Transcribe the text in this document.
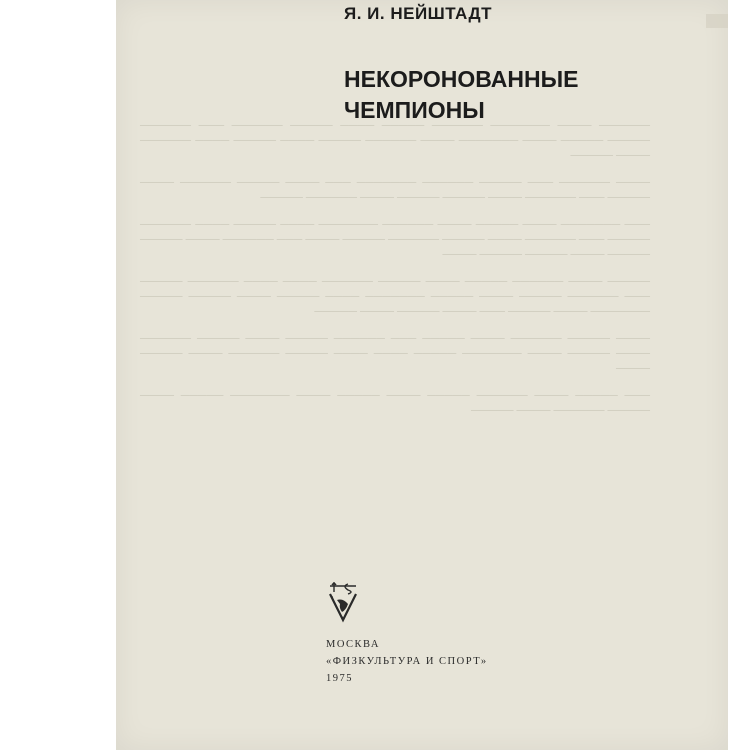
────── ──── ─────── ────── ───── ──── ───── ────── ─── ────── ───── ───── ──── ─────── ──── ────── ───── ──── ───── ──── ────── ──── ─────

──── ────── ─── ───── ────── ─────── ─── ──── ───── ────── ──── ───── ─── ────── ──── ───── ───── ──── ────── ─────

─── ─────── ──── ───── ──── ────── ─────── ──── ───── ──── ────── ───── ─── ────── ──── ───── ────── ───── ──── ─── ────── ──── ───── ───── ──── ───── ───── ────

───── ──── ────── ───── ──── ───── ────── ──── ──── ────── ───── ─── ────── ───── ──── ───── ─────── ──── ───── ──── ───── ───── ─────── ──── ───── ─── ──── ───── ──── ─────

──── ───── ────── ──── ───── ─── ────── ───── ──── ───── ────── ──── ───── ──── ─────── ───── ──── ──── ───── ────── ──── ───── ────

─── ───── ──── ────── ───── ──── ───── ──── ─────── ───── ──── ───── ────── ──── ─────

Я. И. НЕЙШТАДТ
НЕКОРОНОВАННЫЕ
ЧЕМПИОНЫ
МОСКВА
«ФИЗКУЛЬТУРА И СПОРТ»
1975
